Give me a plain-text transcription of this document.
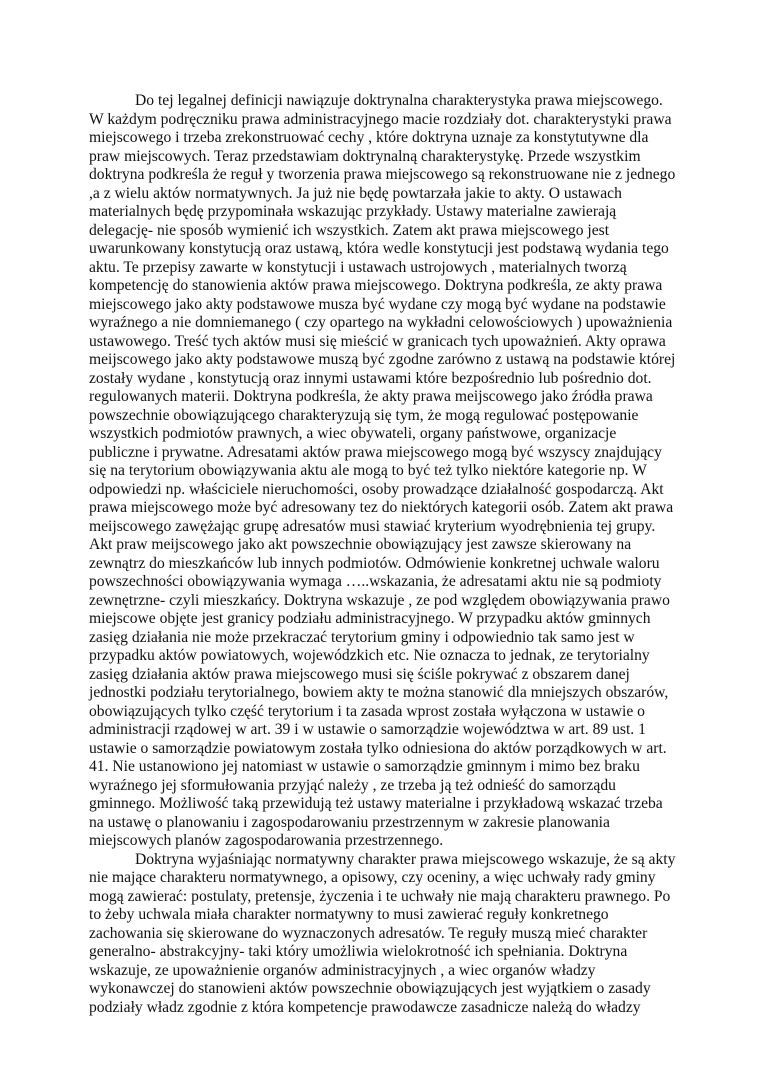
Do tej legalnej definicji nawiązuje doktrynalna charakterystyka prawa miejscowego.
W każdym podręczniku prawa administracyjnego macie rozdziały dot. charakterystyki prawa
miejscowego i trzeba zrekonstruować cechy , które doktryna uznaje za konstytutywne dla
praw miejscowych. Teraz przedstawiam doktrynalną charakterystykę. Przede wszystkim
doktryna podkreśla że reguł y tworzenia prawa miejscowego są rekonstruowane nie z jednego
,a z wielu aktów normatywnych. Ja już nie będę powtarzała jakie to akty. O ustawach
materialnych będę przypominała wskazując przykłady. Ustawy materialne zawierają
delegację- nie sposób wymienić ich wszystkich. Zatem akt prawa miejscowego jest
uwarunkowany konstytucją oraz ustawą, która wedle konstytucji jest podstawą wydania tego
aktu. Te przepisy zawarte w konstytucji i ustawach ustrojowych , materialnych tworzą
kompetencję do stanowienia aktów prawa miejscowego. Doktryna podkreśla, ze akty prawa
miejscowego jako akty podstawowe musza być wydane czy mogą być wydane na podstawie
wyraźnego a nie domniemanego ( czy opartego na wykładni celowościowych ) upoważnienia
ustawowego. Treść tych aktów musi się mieścić w granicach tych upoważnień. Akty oprawa
meijscowego jako akty podstawowe muszą być zgodne zarówno z ustawą na podstawie której
zostały wydane , konstytucją oraz innymi ustawami które bezpośrednio lub pośrednio dot.
regulowanych materii. Doktryna podkreśla, że akty prawa meijscowego jako źródła prawa
powszechnie obowiązującego charakteryzują się tym, że mogą regulować postępowanie
wszystkich podmiotów prawnych, a wiec obywateli, organy państwowe, organizacje
publiczne i prywatne. Adresatami aktów prawa miejscowego mogą być wszyscy znajdujący
się na terytorium obowiązywania aktu ale mogą to być też tylko niektóre kategorie np. W
odpowiedzi np. właściciele nieruchomości, osoby prowadzące działalność gospodarczą. Akt
prawa miejscowego może być adresowany tez do niektórych kategorii osób. Zatem akt prawa
meijscowego zawężając grupę adresatów musi stawiać kryterium wyodrębnienia tej grupy.
Akt praw meijscowego jako akt powszechnie obowiązujący jest zawsze skierowany na
zewnątrz do mieszkańców lub innych podmiotów. Odmówienie konkretnej uchwale waloru
powszechności obowiązywania wymaga …..wskazania, że adresatami aktu nie są podmioty
zewnętrzne- czyli mieszkańcy. Doktryna wskazuje , ze pod względem obowiązywania prawo
miejscowe objęte jest granicy podziału administracyjnego. W przypadku aktów gminnych
zasięg działania nie może przekraczać terytorium gminy i odpowiednio tak samo jest w
przypadku aktów powiatowych, wojewódzkich etc. Nie oznacza to jednak, ze terytorialny
zasięg działania aktów prawa miejscowego musi się ściśle pokrywać z obszarem danej
jednostki podziału terytorialnego, bowiem akty te można stanowić dla mniejszych obszarów,
obowiązujących tylko część terytorium i ta zasada wprost została wyłączona w ustawie o
administracji rządowej w art. 39 i w ustawie o samorządzie województwa w art. 89 ust. 1
ustawie o samorządzie powiatowym została tylko odniesiona do aktów porządkowych w art.
41. Nie ustanowiono jej natomiast w ustawie o samorządzie gminnym i mimo bez braku
wyraźnego jej sformułowania przyjąć należy , ze trzeba ją też odnieść do samorządu
gminnego. Możliwość taką przewidują też ustawy materialne i przykładową wskazać trzeba
na ustawę o planowaniu i zagospodarowaniu przestrzennym w zakresie planowania
miejscowych planów zagospodarowania przestrzennego.
Doktryna wyjaśniając normatywny charakter prawa miejscowego wskazuje, że są akty
nie mające charakteru normatywnego, a opisowy, czy oceniny, a więc uchwały rady gminy
mogą zawierać: postulaty, pretensje, życzenia i te uchwały nie mają charakteru prawnego. Po
to żeby uchwala miała charakter normatywny to musi zawierać reguły konkretnego
zachowania się skierowane do wyznaczonych adresatów. Te reguły muszą mieć charakter
generalno- abstrakcyjny- taki który umożliwia wielokrotność ich spełniania. Doktryna
wskazuje, ze upoważnienie organów administracyjnych , a wiec organów władzy
wykonawczej do stanowieni aktów powszechnie obowiązujących jest wyjątkiem o zasady
podziały władz zgodnie z która kompetencje prawodawcze zasadnicze należą do władzy
